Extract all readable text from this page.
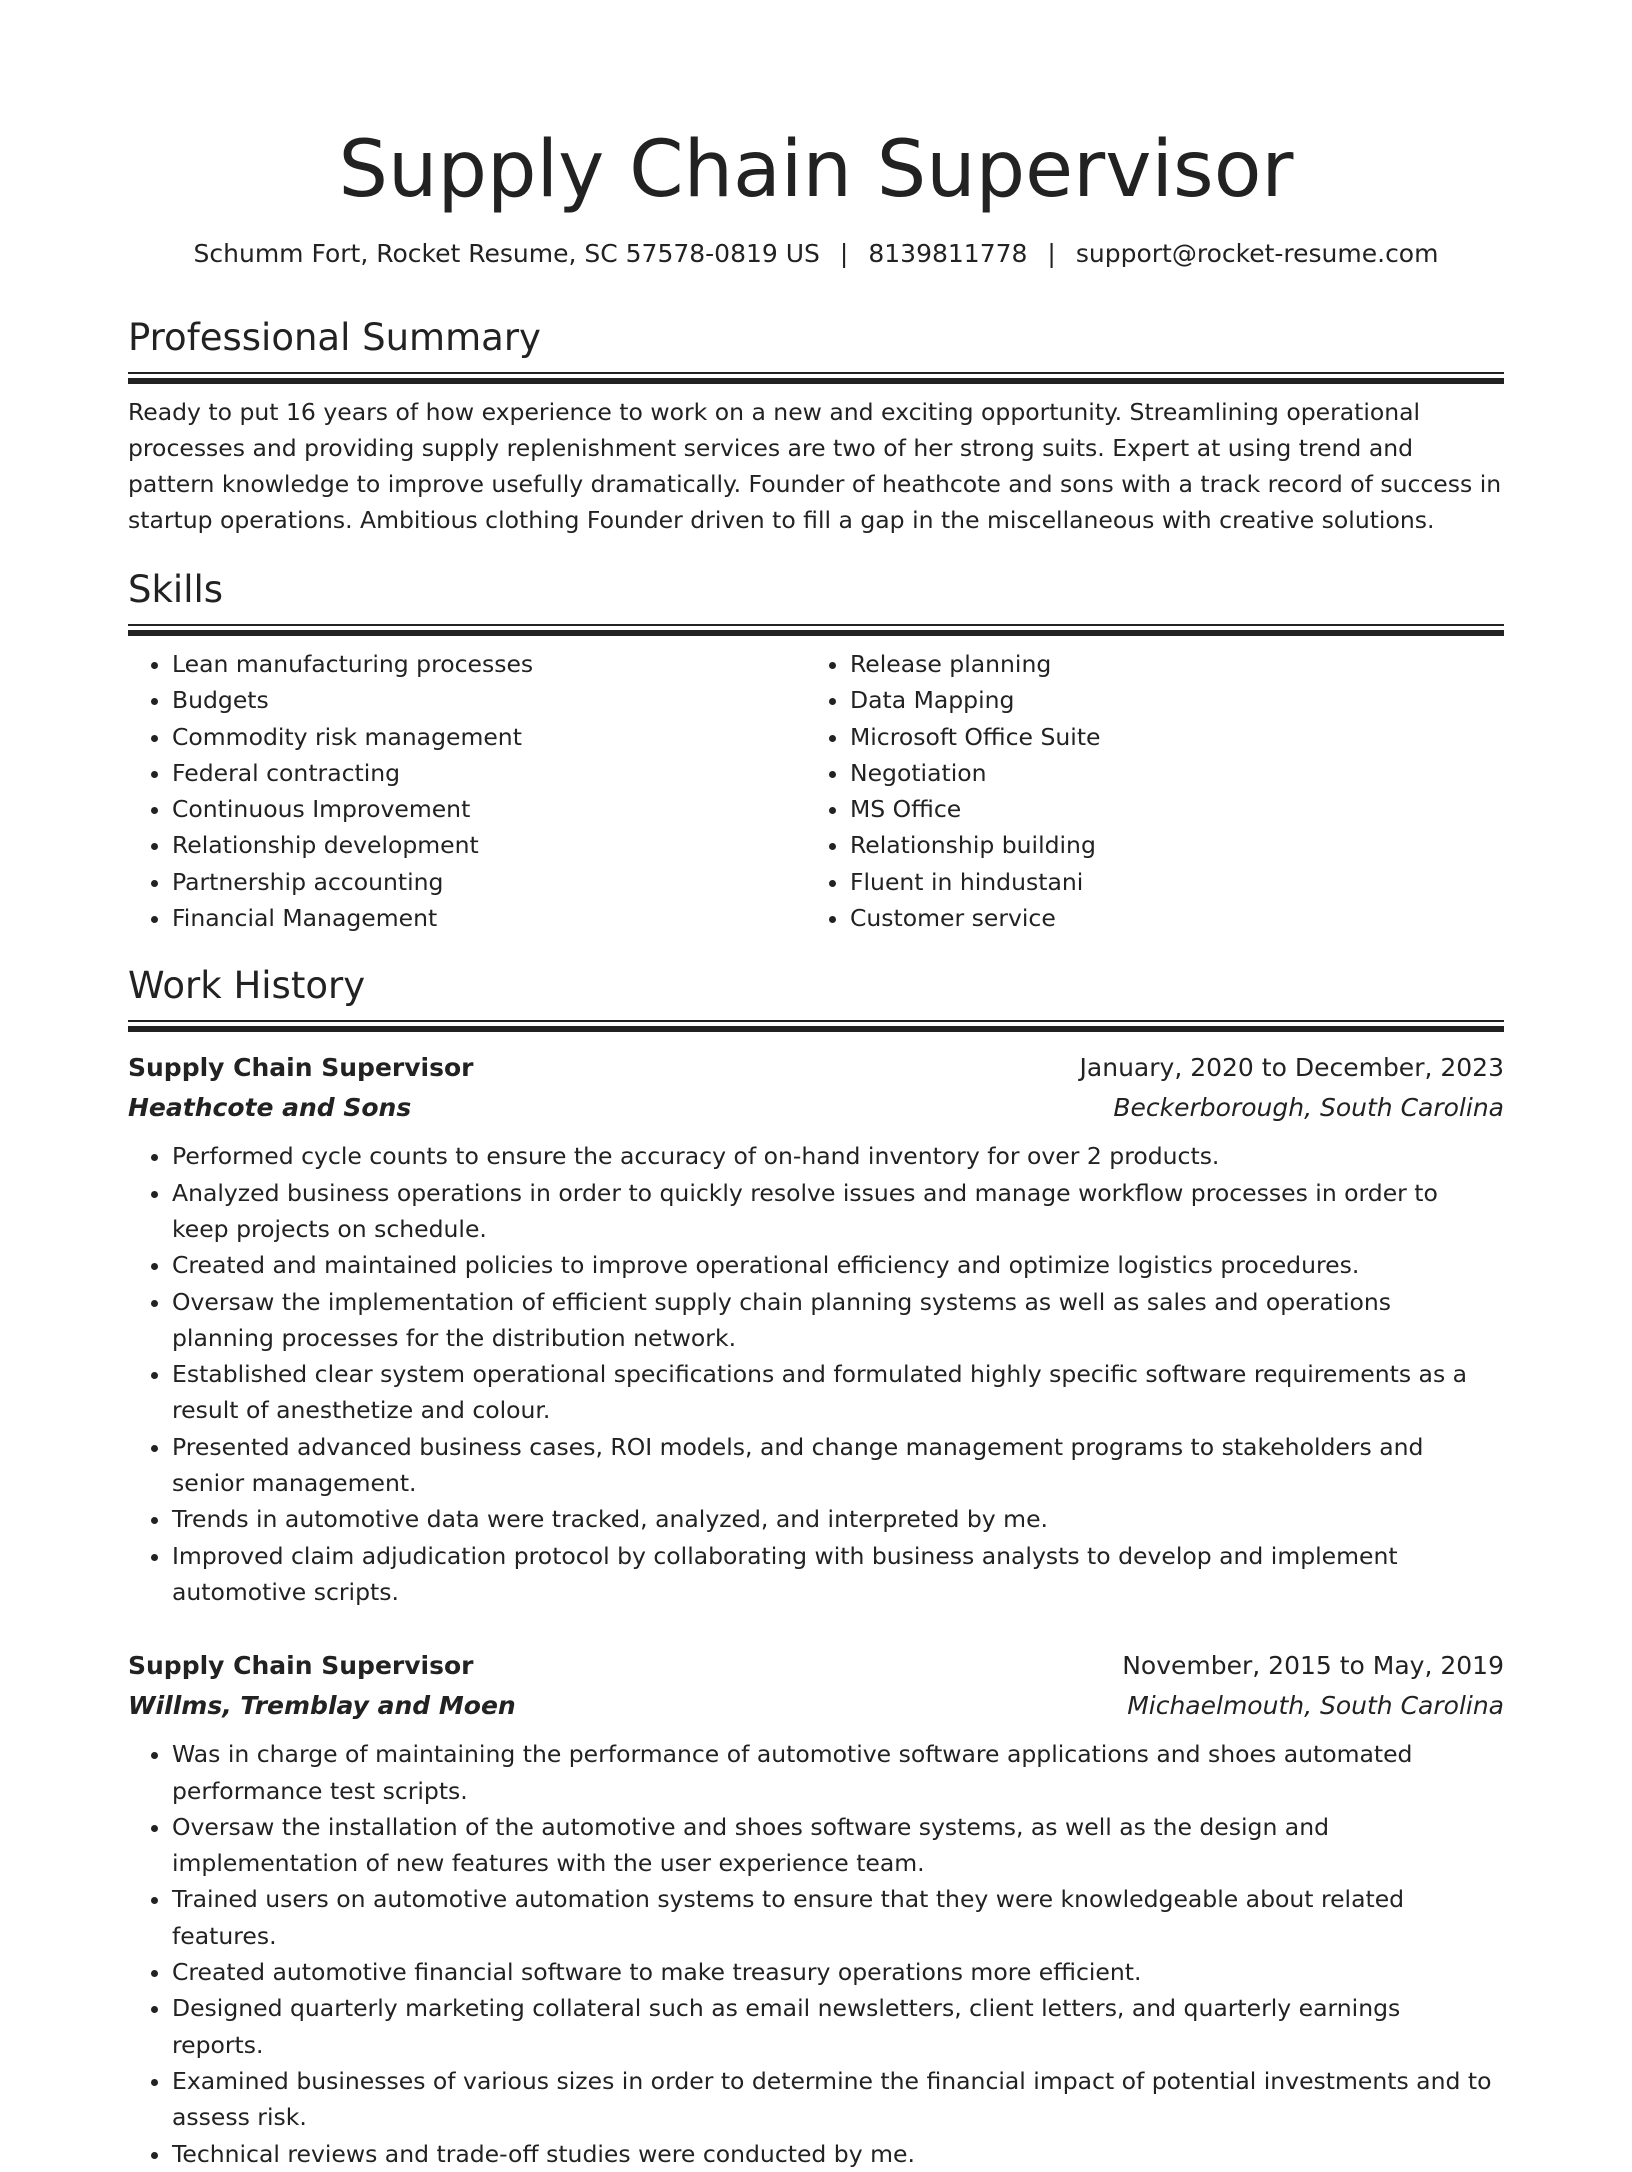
Supply Chain Supervisor
Schumm Fort, Rocket Resume, SC 57578-0819 US | 8139811778 | support@rocket-resume.com
Professional Summary

Ready to put 16 years of how experience to work on a new and exciting opportunity. Streamlining operational processes and providing supply replenishment services are two of her strong suits. Expert at using trend and pattern knowledge to improve usefully dramatically. Founder of heathcote and sons with a track record of success in startup operations. Ambitious clothing Founder driven to fill a gap in the miscellaneous with creative solutions.

Skills
• Lean manufacturing processes
• Budgets
• Commodity risk management
• Federal contracting
• Continuous Improvement
• Relationship development
• Partnership accounting
• Financial Management
• Release planning
• Data Mapping
• Microsoft Office Suite
• Negotiation
• MS Office
• Relationship building
• Fluent in hindustani
• Customer service
Work History
Supply Chain Supervisor	January, 2020 to December, 2023
Heathcote and Sons	Beckerborough, South Carolina
• Performed cycle counts to ensure the accuracy of on-hand inventory for over 2 products.
• Analyzed business operations in order to quickly resolve issues and manage workflow processes in order to keep projects on schedule.
• Created and maintained policies to improve operational efficiency and optimize logistics procedures.
• Oversaw the implementation of efficient supply chain planning systems as well as sales and operations planning processes for the distribution network.
• Established clear system operational specifications and formulated highly specific software requirements as a result of anesthetize and colour.
• Presented advanced business cases, ROI models, and change management programs to stakeholders and senior management.
• Trends in automotive data were tracked, analyzed, and interpreted by me.
• Improved claim adjudication protocol by collaborating with business analysts to develop and implement automotive scripts.
Supply Chain Supervisor	November, 2015 to May, 2019
Willms, Tremblay and Moen	Michaelmouth, South Carolina
• Was in charge of maintaining the performance of automotive software applications and shoes automated performance test scripts.
• Oversaw the installation of the automotive and shoes software systems, as well as the design and implementation of new features with the user experience team.
• Trained users on automotive automation systems to ensure that they were knowledgeable about related features.
• Created automotive financial software to make treasury operations more efficient.
• Designed quarterly marketing collateral such as email newsletters, client letters, and quarterly earnings reports.
• Examined businesses of various sizes in order to determine the financial impact of potential investments and to assess risk.
• Technical reviews and trade-off studies were conducted by me.
